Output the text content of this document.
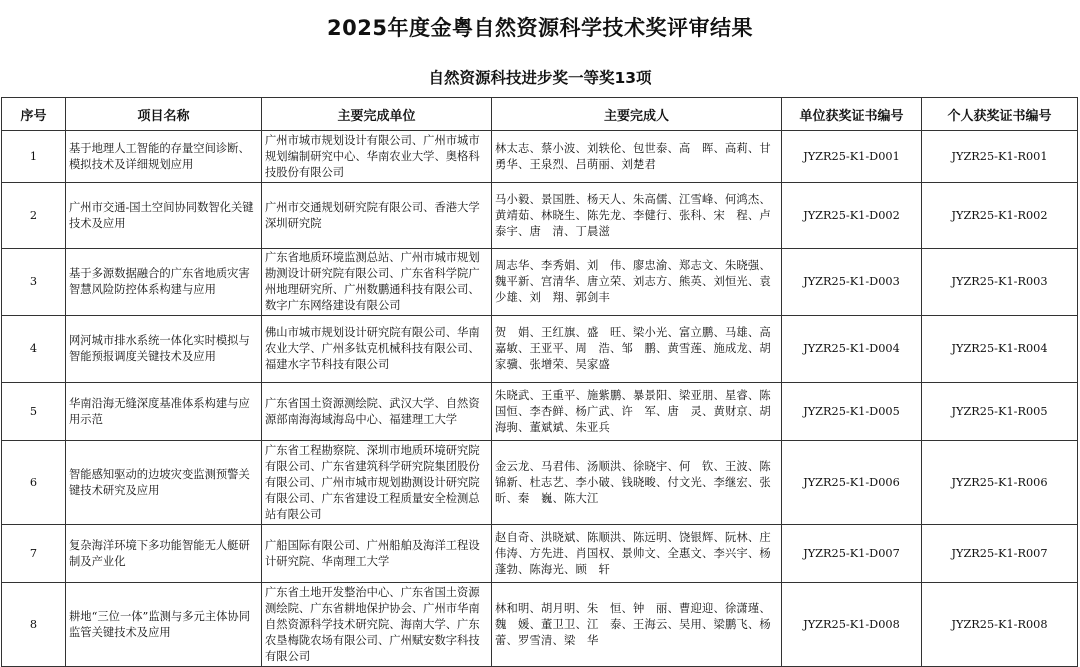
2025年度金粤自然资源科学技术奖评审结果
自然资源科技进步奖一等奖13项
序号	项目名称	主要完成单位	主要完成人	单位获奖证书编号	个人获奖证书编号
1	基于地理人工智能的存量空间诊断、模拟技术及详细规划应用	广州市城市规划设计有限公司、广州市城市规划编制研究中心、华南农业大学、奥格科技股份有限公司	林太志、蔡小波、刘轶伦、包世泰、高　晖、高莉、甘勇华、王泉烈、吕萌丽、刘楚君	JYZR25-K1-D001	JYZR25-K1-R001
2	广州市交通-国土空间协同数智化关键技术及应用	广州市交通规划研究院有限公司、香港大学深圳研究院	马小毅、景国胜、杨天人、朱高儒、江雪峰、何鸿杰、黄靖茹、林晓生、陈先龙、李健行、张科、宋　程、卢泰宇、唐　清、丁晨滋	JYZR25-K1-D002	JYZR25-K1-R002
3	基于多源数据融合的广东省地质灾害智慧风险防控体系构建与应用	广东省地质环境监测总站、广州市城市规划勘测设计研究院有限公司、广东省科学院广州地理研究所、广州数鹏通科技有限公司、数字广东网络建设有限公司	周志华、李秀娟、刘　伟、廖忠渝、郑志文、朱晓强、魏平新、宫清华、唐立荣、刘志方、熊英、刘恒光、袁少雄、刘　翔、郭剑丰	JYZR25-K1-D003	JYZR25-K1-R003
4	网河城市排水系统一体化实时模拟与智能预报调度关键技术及应用	佛山市城市规划设计研究院有限公司、华南农业大学、广州多钛克机械科技有限公司、福建水字节科技有限公司	贺　娟、王红旗、盛　旺、梁小光、富立鹏、马雄、高嘉敏、王亚平、周　浩、邹　鹏、黄雪莲、施成龙、胡家骥、张增荣、吴家盛	JYZR25-K1-D004	JYZR25-K1-R004
5	华南沿海无缝深度基准体系构建与应用示范	广东省国土资源测绘院、武汉大学、自然资源部南海海域海岛中心、福建理工大学	朱晓武、王重平、施紫鹏、暴景阳、梁亚朋、星睿、陈国恒、李杏鲜、杨广武、许　军、唐　灵、黄财京、胡海驹、董斌斌、朱亚兵	JYZR25-K1-D005	JYZR25-K1-R005
6	智能感知驱动的边坡灾变监测预警关键技术研究及应用	广东省工程勘察院、深圳市地质环境研究院有限公司、广东省建筑科学研究院集团股份有限公司、广州市城市规划勘测设计研究院有限公司、广东省建设工程质量安全检测总站有限公司	金云龙、马君伟、汤顺洪、徐晓宇、何　钦、王波、陈锦新、杜志艺、李小破、钱晓畯、付文光、李继宏、张　昕、秦　巍、陈大江	JYZR25-K1-D006	JYZR25-K1-R006
7	复杂海洋环境下多功能智能无人艇研制及产业化	广船国际有限公司、广州船舶及海洋工程设计研究院、华南理工大学	赵自奇、洪晓斌、陈顺洪、陈远明、饶银辉、阮林、庄伟涛、方先进、肖国权、景帅文、全惠文、李兴宇、杨蓬勃、陈海光、顾　轩	JYZR25-K1-D007	JYZR25-K1-R007
8	耕地“三位一体”监测与多元主体协同监管关键技术及应用	广东省土地开发整治中心、广东省国土资源测绘院、广东省耕地保护协会、广州市华南自然资源科学技术研究院、海南大学、广东农垦梅陇农场有限公司、广州赋安数字科技有限公司	林和明、胡月明、朱　恒、钟　丽、曹迎迎、徐潇瑾、魏　媛、董卫卫、江　泰、王海云、吴用、梁鹏飞、杨　蕾、罗雪清、梁　华	JYZR25-K1-D008	JYZR25-K1-R008
